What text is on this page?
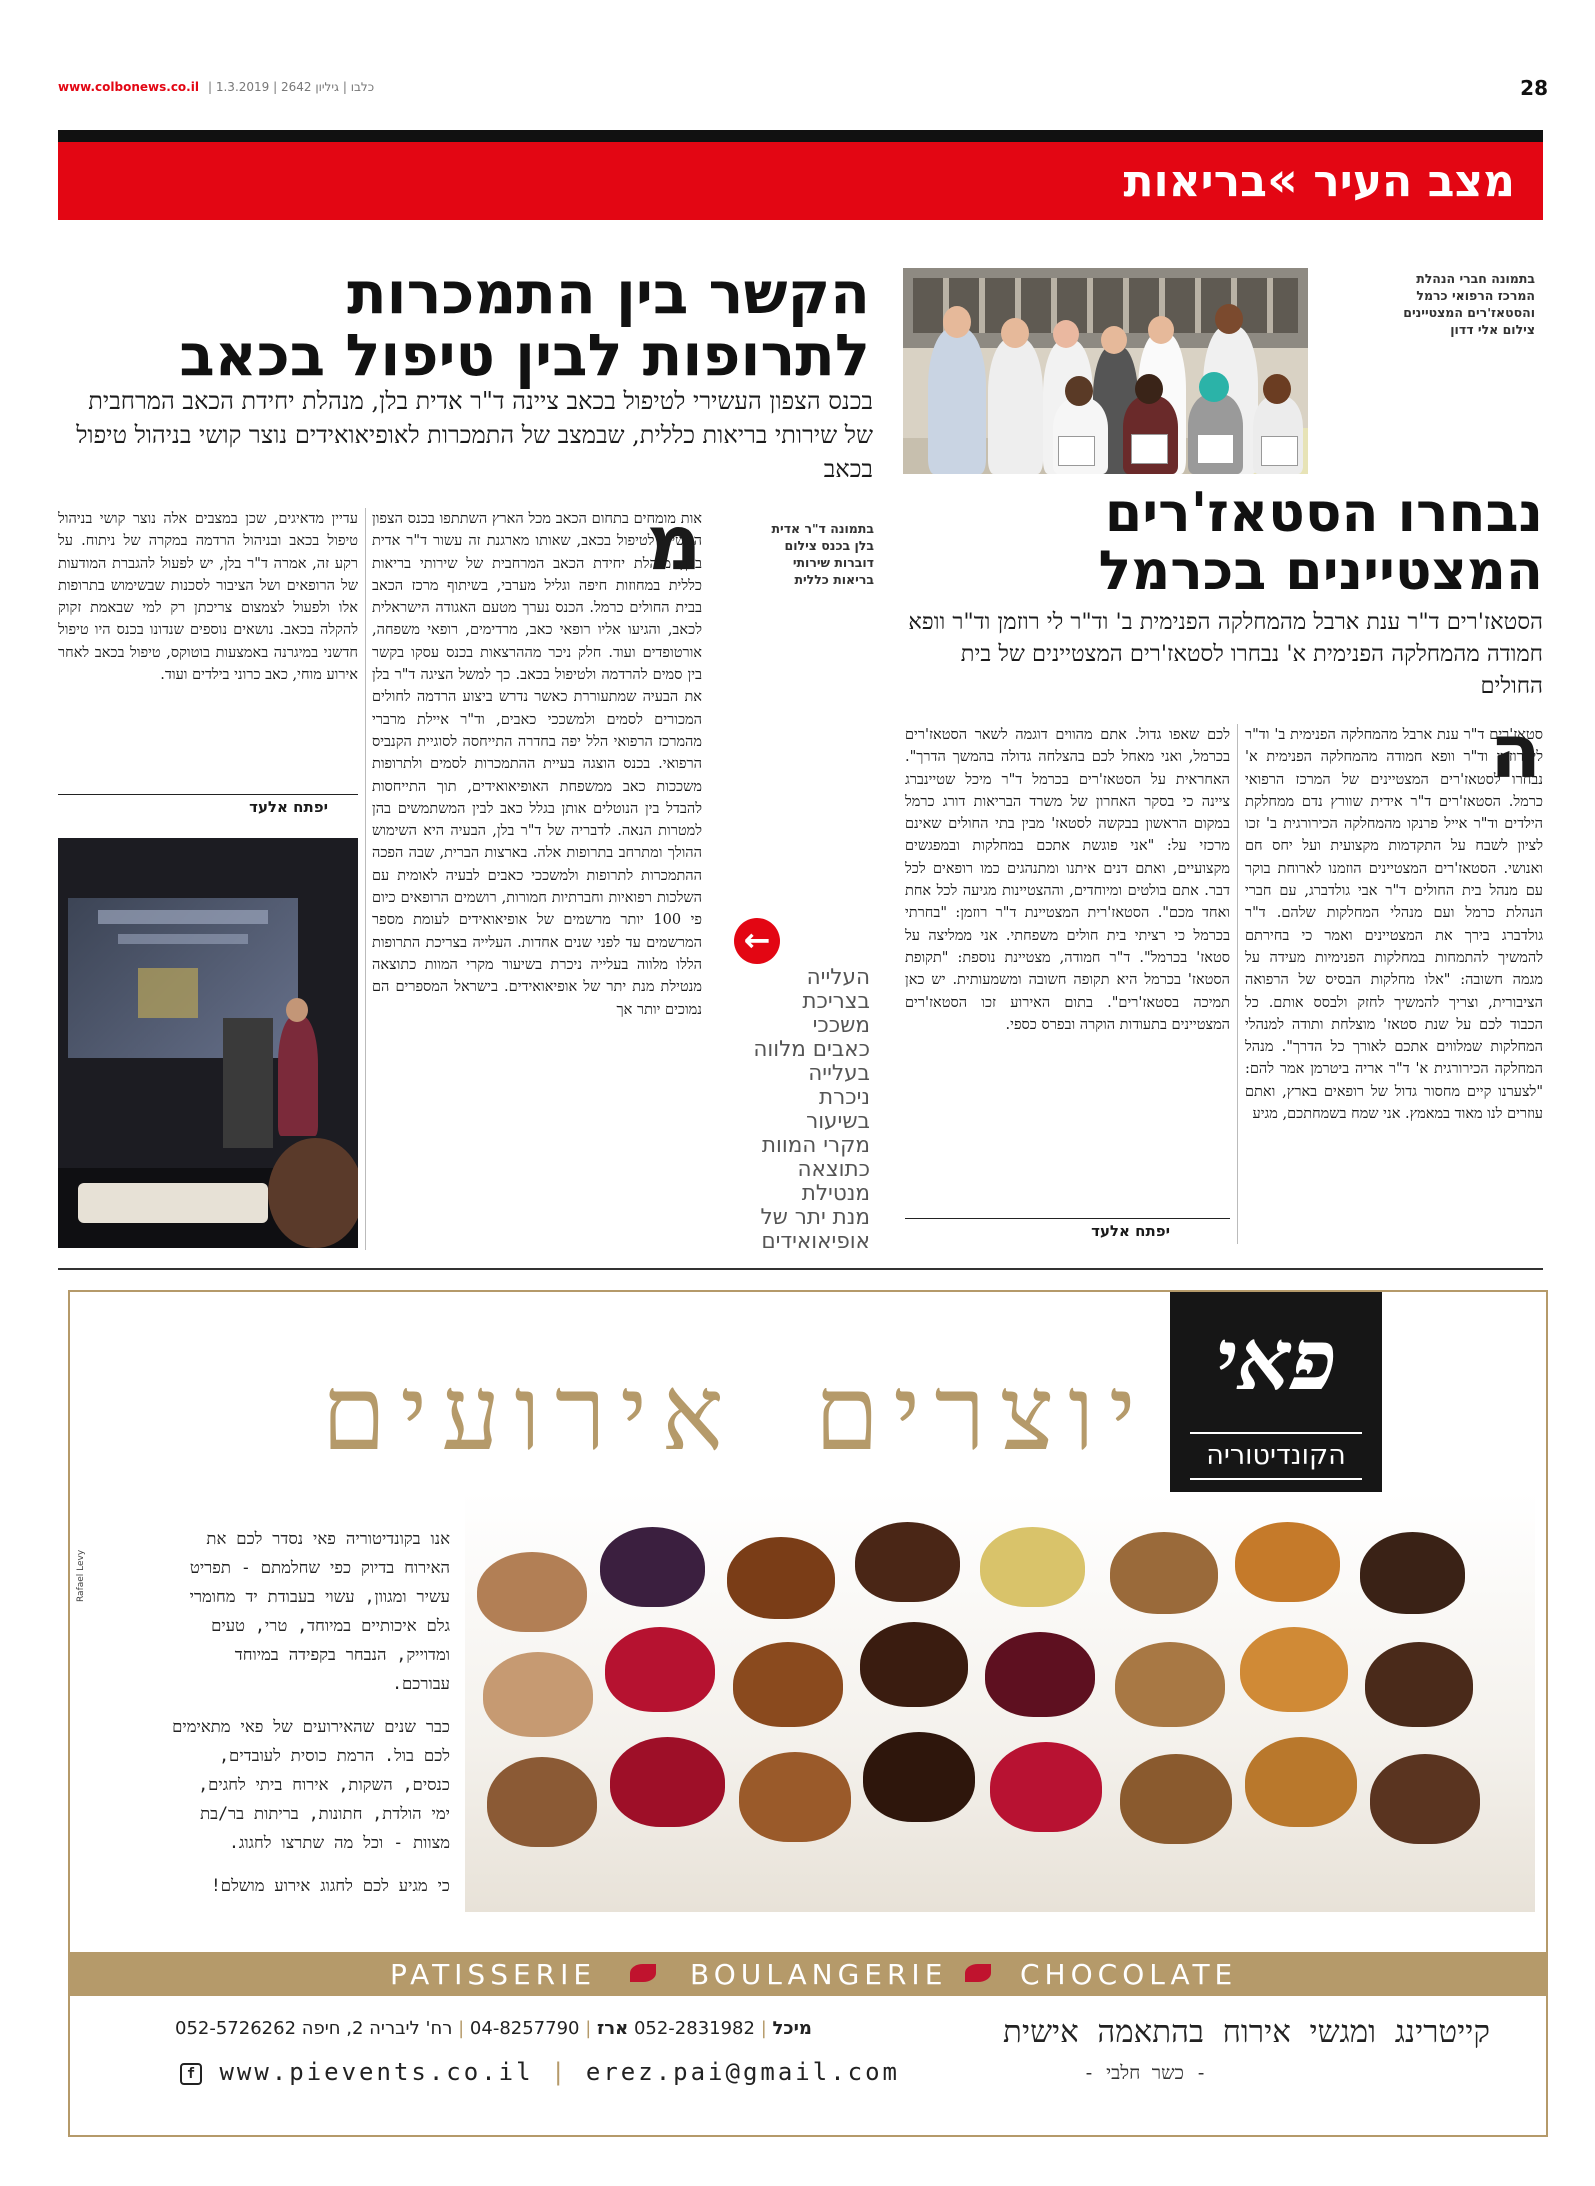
www.colbonews.co.il |	כלבו | גיליון 2642 | 1.3.2019	28
מצב העיר »בריאות
בתמונה חברי הנהלת המרכז הרפואי כרמל והסטאז'רים המצטיינים צילום אלי דדון
נבחרו הסטאז'רים
המצטיינים בכרמל
הסטאז'רים ד"ר ענת ארבל מהמחלקה הפנימית ב' וד"ר לי רוזמן וד"ר וופא חמודה מהמחלקה הפנימית א' נבחרו לסטאז'רים המצטיינים של בית החולים
ה
סטאז'רים ד"ר ענת ארבל מהמחלקה הפנימית ב' וד"ר לי רוזמן וד"ר וופא חמודה מהמחלקה הפנימית א' נבחרו לסטאז'רים המצטיינים של המרכז הרפואי כרמל. הסטאז'רים ד"ר אידית שוורץ נדם ממחלקת הילדים וד"ר אייל פרנקו מהמחלקה הכירורגית ב' זכו לציון לשבח על התקדמות מקצועית ועל יחס חם ואנושי. הסטאז'רים המצטיינים הוזמנו לארוחת בוקר עם מנהל בית החולים ד"ר אבי גולדברג, עם חברי הנהלת כרמל ועם מנהלי המחלקות שלהם. ד"ר גולדברג בירך את המצטיינים ואמר כי בחירתם להמשיך להתמחות במחלקות הפנימיות מעידה על מגמה חשובה: "אלו מחלקות הבסיס של הרפואה הציבורית, וצריך להמשיך לחזק ולבסס אותם. כל הכבוד לכם על שנת סטאז' מוצלחת ותודה למנהלי המחלקות שמלווים אתכם לאורך כל הדרך". מנהל המחלקה הכירורגית א' ד"ר אריה ביטרמן אמר להם: "לצערנו קיים מחסור גדול של רופאים בארץ, ואתם עוזרים לנו מאוד במאמץ. אני שמח בשמחתכם, מגיע
לכם שאפו גדול. אתם מהווים דוגמה לשאר הסטאז'רים בכרמל, ואני מאחל לכם בהצלחה גדולה בהמשך הדרך". האחראית על הסטאז'רים בכרמל ד"ר מיכל שטיינברג ציינה כי בסקר האחרון של משרד הבריאות דורג כרמל במקום הראשון בבקשה לסטאז' מבין בתי החולים שאינם מרכזי על: "אני פוגשת אתכם במחלקות ובמפגשים מקצועיים, ואתם דנים איתנו ומתנהגים כמו רופאים לכל דבר. אתם בולטים ומיוחדים, וההצטיינות מגיעה לכל אחת ואחד מכם". הסטאז'רית המצטיינת ד"ר רוזמן: "בחרתי בכרמל כי רציתי בית חולים משפחתי. אני ממליצה על סטאז' בכרמל". ד"ר חמודה, מצטיינת נוספת: "תקופת הסטאז' בכרמל היא תקופה חשובה ומשמעותית. יש כאן תמיכה בסטאז'רים". בתום האירוע זכו הסטאז'רים המצטיינים בתעודות הוקרה ובפרס כספי.
יפתח אלעד
הקשר בין התמכרות
לתרופות לבין טיפול בכאב
בכנס הצפון העשירי לטיפול בכאב ציינה ד"ר אדית בלן, מנהלת יחידת הכאב המרחבית של שירותי בריאות כללית, שבמצב של התמכרות לאופיאואידים נוצר קושי בניהול טיפול בכאב
בתמונה ד"ר אדית בלן בכנס צילום דוברות שירותי בריאות כללית
←
העלייה
בצריכת
משככי
כאבים מלווה
בעלייה
ניכרת
בשיעור
מקרי המוות
כתוצאה
מנטילת
מנת יתר של
אופיאואידים
מ
אות מומחים בתחום הכאב מכל הארץ השתתפו בכנס הצפון העשירי לטיפול בכאב, שאותו מארגנת זה עשור ד"ר אדית בלן, מנהלת יחידת הכאב המרחבית של שירותי בריאות כללית במחוזות חיפה וגליל מערבי, בשיתוף מרכז הכאב בבית החולים כרמל. הכנס נערך מטעם האגודה הישראלית לכאב, והגיעו אליו רופאי כאב, מרדימים, רופאי משפחה, אורטופדים ועוד. חלק ניכר מההרצאות בכנס עסקו בקשר בין סמים להרדמה ולטיפול בכאב. כך למשל הציגה ד"ר בלן את הבעיה שמתעוררת כאשר נדרש ביצוע הרדמה לחולים המכורים לסמים ולמשככי כאבים, וד"ר איילת מרברי מהמרכז הרפואי הלל יפה בחדרה התייחסה לסוגיית הקנביס הרפואי. בכנס הוצגה בעיית ההתמכרות לסמים ולתרופות משככות כאב ממשפחת האופיאואידים, תוך התייחסות להבדל בין הנוטלים אותן בגלל כאב לבין המשתמשים בהן למטרות הנאה. לדבריה של ד"ר בלן, הבעיה היא השימוש ההולך ומתרחב בתרופות אלה. בארצות הברית, שבה הפכה ההתמכרות לתרופות ולמשככי כאבים לבעיה לאומית עם השלכות רפואיות וחברתיות חמורות, רושמים הרופאים כיום פי 100 יותר מרשמים של אופיאואידים לעומת מספר המרשמים עד לפני שנים אחדות. העלייה בצריכת התרופות הללו מלווה בעלייה ניכרת בשיעור מקרי המוות כתוצאה מנטילת מנת יתר של אופיאואידים. בישראל המספרים הם נמוכים יותר אך
עדיין מדאיגים, שכן במצבים אלה נוצר קושי בניהול טיפול בכאב ובניהול הרדמה במקרה של ניתוח. על רקע זה, אמרה ד"ר בלן, יש לפעול להגברת המודעות של הרופאים ושל הציבור לסכנות שבשימוש בתרופות אלו ולפעול לצמצום צריכתן רק למי שבאמת זקוק להקלה בכאב. נושאים נוספים שנדונו בכנס היו טיפול חדשני במיגרנה באמצעות בוטוקס, טיפול בכאב לאחר אירוע מוחי, כאב כרוני בילדים ועוד.
יפתח אלעד
פאי
הקונדיטוריה
יוצרים אירועים
Rafael Levy

אנו בקונדיטוריה פאי נסדר לכם את האירוח בדיוק כפי שחלמתם - תפריט עשיר ומגוון, עשוי בעבודת יד מחומרי גלם איכותיים במיוחד, טרי, טעים ומדוייק, הנבחר בקפידה במיוחד עבורכם.

כבר שנים שהאירועים של פאי מתאימים לכם בול. הרמת כוסית לעובדים, כנסים, השקות, אירוח ביתי לחגים, ימי הולדת, חתונות, בריתות בר/בת מצוות - וכל מה שתרצו לחגוג.

כי מגיע לכם לחגוג אירוע מושלם!

PATISSERIE	BOULANGERIE	CHOCOLATE
קייטרינג ומגשי אירוח בהתאמה אישית
- כשר חלבי -
052-5726262	מיכל | 052-2831982 ארז | 04-8257790 | רח' ליבריה 2, חיפה
f www.pievents.co.il | erez.pai@gmail.com
